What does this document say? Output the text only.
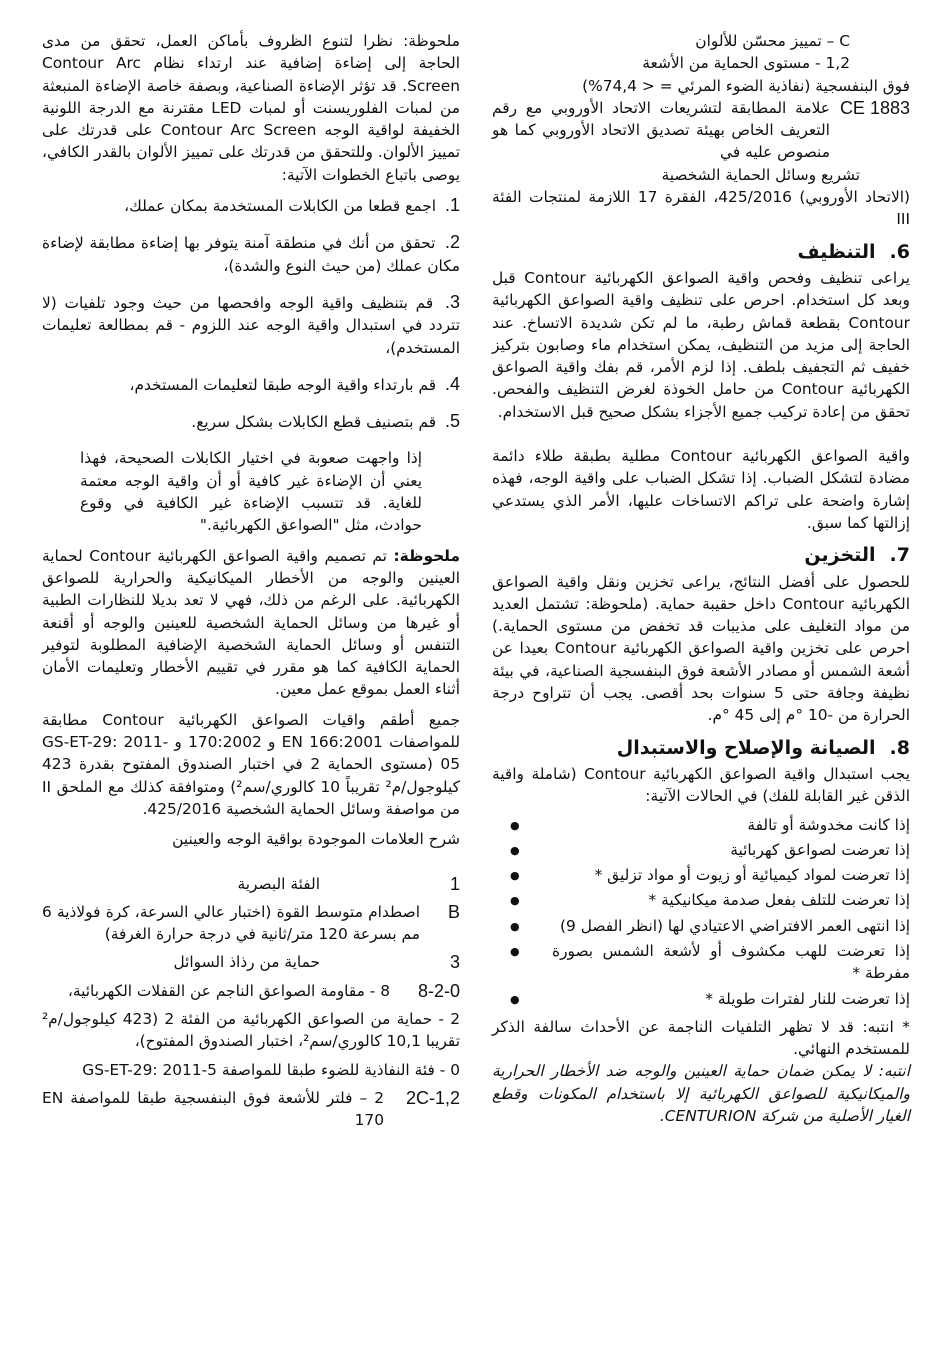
C – تمييز محسّن للألوان

1,2 - مستوى الحماية من الأشعة

فوق البنفسجية (نفاذية الضوء المرئي = < 74,4%)

CE 1883
علامة المطابقة لتشريعات الاتحاد الأوروبي مع رقم التعريف الخاص بهيئة تصديق الاتحاد الأوروبي كما هو منصوص عليه في

تشريع وسائل الحماية الشخصية

(الاتحاد الأوروبي) 425/2016، الفقرة 17 اللازمة لمنتجات الفئة III

6.التنظيف

يراعى تنظيف وفحص واقية الصواعق الكهربائية Contour قبل وبعد كل استخدام. احرص على تنظيف واقية الصواعق الكهربائية Contour بقطعة قماش رطبة، ما لم تكن شديدة الاتساخ. عند الحاجة إلى مزيد من التنظيف، يمكن استخدام ماء وصابون بتركيز خفيف ثم التجفيف بلطف. إذا لزم الأمر، قم بفك واقية الصواعق الكهربائية Contour من حامل الخوذة لغرض التنظيف والفحص. تحقق من إعادة تركيب جميع الأجزاء بشكل صحيح قبل الاستخدام.

واقية الصواعق الكهربائية Contour مطلية بطبقة طلاء دائمة مضادة لتشكل الضباب. إذا تشكل الضباب على واقية الوجه، فهذه إشارة واضحة على تراكم الاتساخات عليها، الأمر الذي يستدعي إزالتها كما سبق.

7.التخزين

للحصول على أفضل النتائج، يراعى تخزين ونقل واقية الصواعق الكهربائية Contour داخل حقيبة حماية. (ملحوظة: تشتمل العديد من مواد التغليف على مذيبات قد تخفض من مستوى الحماية.) احرص على تخزين واقية الصواعق الكهربائية Contour بعيدا عن أشعة الشمس أو مصادر الأشعة فوق البنفسجية الصناعية، في بيئة نظيفة وجافة حتى 5 سنوات بحد أقصى. يجب أن تتراوح درجة الحرارة من -10 °م إلى 45 °م.

8.الصيانة والإصلاح والاستبدال

يجب استبدال واقية الصواعق الكهربائية Contour (شاملة واقية الذقن غير القابلة للفك) في الحالات الآتية:

إذا كانت مخدوشة أو تالفة ●
إذا تعرضت لصواعق كهربائية ●
إذا تعرضت لمواد كيميائية أو زيوت أو مواد تزليق * ●
إذا تعرضت للتلف بفعل صدمة ميكانيكية * ●
إذا انتهى العمر الافتراضي الاعتيادي لها (انظر الفصل 9) ●
إذا تعرضت للهب مكشوف أو لأشعة الشمس بصورة مفرطة * ●
إذا تعرضت للنار لفترات طويلة * ●

* انتبه: قد لا تظهر التلفيات الناجمة عن الأحداث سالفة الذكر للمستخدم النهائي.

انتبه: لا يمكن ضمان حماية العينين والوجه ضد الأخطار الحرارية والميكانيكية للصواعق الكهربائية إلا باستخدام المكونات وقطع الغيار الأصلية من شركة CENTURION.

ملحوظة: نظرا لتنوع الظروف بأماكن العمل، تحقق من مدى الحاجة إلى إضاءة إضافية عند ارتداء نظام Contour Arc Screen. قد تؤثر الإضاءة الصناعية، وبصفة خاصة الإضاءة المنبعثة من لمبات الفلوريسنت أو لمبات LED مقترنة مع الدرجة اللونية الخفيفة لواقية الوجه Contour Arc Screen على قدرتك على تمييز الألوان. وللتحقق من قدرتك على تمييز الألوان بالقدر الكافي، يوصى باتباع الخطوات الآتية:

1. اجمع قطعا من الكابلات المستخدمة بمكان عملك،

2. تحقق من أنك في منطقة آمنة يتوفر بها إضاءة مطابقة لإضاءة مكان عملك (من حيث النوع والشدة)،

3. قم بتنظيف واقية الوجه وافحصها من حيث وجود تلفيات (لا تتردد في استبدال واقية الوجه عند اللزوم - قم بمطالعة تعليمات المستخدم)،

4. قم بارتداء واقية الوجه طبقا لتعليمات المستخدم،

5. قم بتصنيف قطع الكابلات بشكل سريع.

إذا واجهت صعوبة في اختيار الكابلات الصحيحة، فهذا يعني أن الإضاءة غير كافية أو أن واقية الوجه معتمة للغاية. قد تتسبب الإضاءة غير الكافية في وقوع حوادث، مثل "الصواعق الكهربائية."

ملحوظة: تم تصميم واقية الصواعق الكهربائية Contour لحماية العينين والوجه من الأخطار الميكانيكية والحرارية للصواعق الكهربائية. على الرغم من ذلك، فهي لا تعد بديلا للنظارات الطبية أو غيرها من وسائل الحماية الشخصية للعينين والوجه أو أقنعة التنفس أو وسائل الحماية الشخصية الإضافية المطلوبة لتوفير الحماية الكافية كما هو مقرر في تقييم الأخطار وتعليمات الأمان أثناء العمل بموقع عمل معين.

جميع أطقم واقيات الصواعق الكهربائية Contour مطابقة للمواصفات EN 166:2001 و 170:2002 و GS-ET-29: 2011-05 (مستوى الحماية 2 في اختبار الصندوق المفتوح بقدرة 423 كيلوجول/م² تقريباً 10 كالوري/سم²) ومتوافقة كذلك مع الملحق II من مواصفة وسائل الحماية الشخصية 425/2016.

شرح العلامات الموجودة بواقية الوجه والعينين

1
الفئة البصرية
B
اصطدام متوسط القوة (اختبار عالي السرعة، كرة فولاذية 6 مم بسرعة 120 متر/ثانية في درجة حرارة الغرفة)
3
حماية من رذاذ السوائل
8-2-0
8 - مقاومة الصواعق الناجم عن القفلات الكهربائية،
2 - حماية من الصواعق الكهربائية من الفئة 2 (423 كيلوجول/م² تقريبا 10,1 كالوري/سم²، اختبار الصندوق المفتوح)،
0 - فئة النفاذية للضوء طبقا للمواصفة GS-ET-29: 2011-5
2C-1,2
2 – فلتر للأشعة فوق البنفسجية طبقا للمواصفة EN 170
